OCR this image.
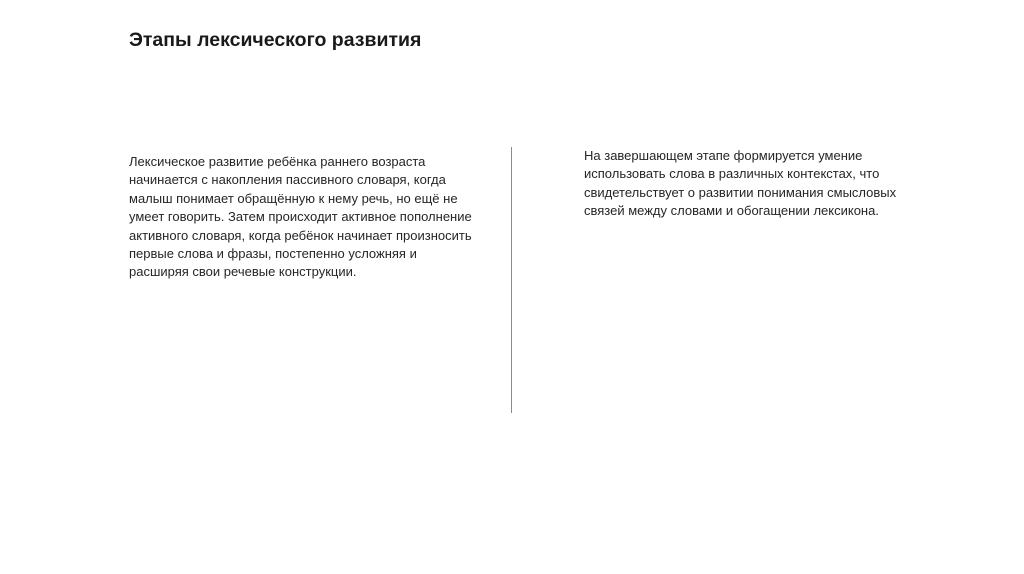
Этапы лексического развития

Лексическое развитие ребёнка раннего возраста начинается с накопления пассивного словаря, когда малыш понимает обращённую к нему речь, но ещё не умеет говорить. Затем происходит активное пополнение активного словаря, когда ребёнок начинает произносить первые слова и фразы, постепенно усложняя и расширяя свои речевые конструкции.

На завершающем этапе формируется умение использовать слова в различных контекстах, что свидетельствует о развитии понимания смысловых связей между словами и обогащении лексикона.
